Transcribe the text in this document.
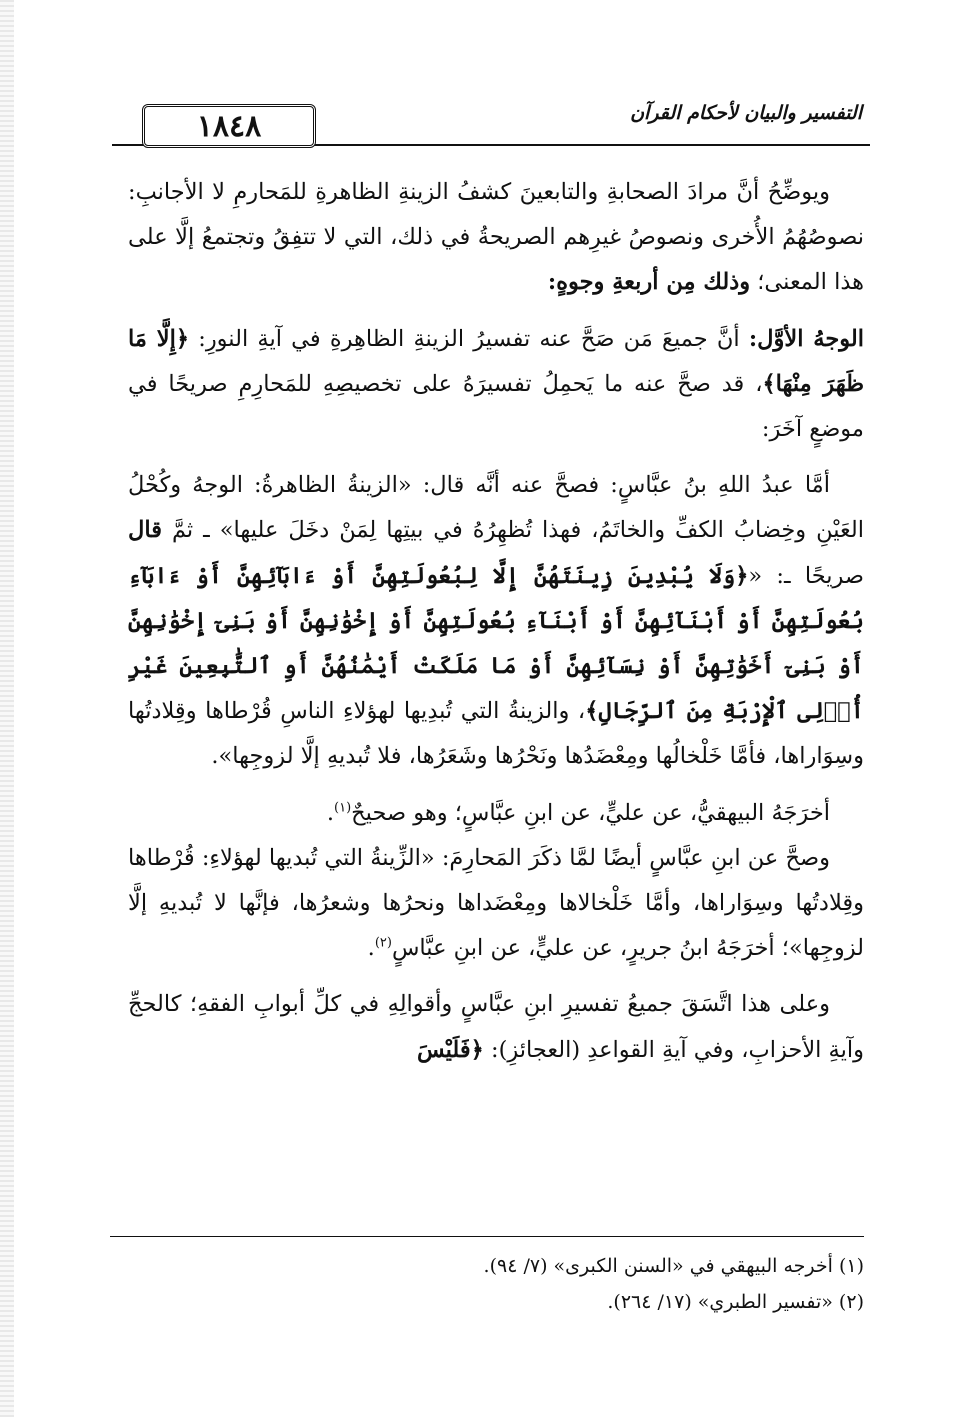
١٨٤٨	التفسير والبيان لأحكام القرآن

ويوضِّحُ أنَّ مرادَ الصحابةِ والتابعينَ كشفُ الزينةِ الظاهرةِ للمَحارمِ لا الأجانبِ: نصوصُهُمُ الأُخرى ونصوصُ غيرِهم الصريحةُ في ذلك، التي لا تتفِقُ وتجتمعُ إلَّا على هذا المعنى؛ وذلك مِن أربعةِ وجوهٍ:

الوجهُ الأوَّل: أنَّ جميعَ مَن صَحَّ عنه تفسيرُ الزينةِ الظاهِرةِ في آيةِ النورِ: ﴿إِلَّا مَا ظَهَرَ مِنْهَا﴾، قد صحَّ عنه ما يَحمِلُ تفسيرَهُ على تخصيصِهِ للمَحارِمِ صريحًا في موضعٍ آخَرَ:

أمَّا عبدُ اللهِ بنُ عبَّاسٍ: فصحَّ عنه أنَّه قال: «الزينةُ الظاهرةُ: الوجهُ وكُحْلُ العَيْنِ وخِضابُ الكفِّ والخاتَمُ، فهذا تُظهِرُهُ في بيتِها لِمَنْ دخَلَ عليها» ـ ثمَّ قال صريحًا ـ: «﴿وَلَا يُبْدِينَ زِينَتَهُنَّ إِلَّا لِبُعُولَتِهِنَّ أَوْ ءَابَآئِهِنَّ أَوْ ءَابَآءِ بُعُولَتِهِنَّ أَوْ أَبْنَآئِهِنَّ أَوْ أَبْنَآءِ بُعُولَتِهِنَّ أَوْ إِخْوَٰنِهِنَّ أَوْ بَنِىٓ إِخْوَٰنِهِنَّ أَوْ بَنِىٓ أَخَوَٰتِهِنَّ أَوْ نِسَآئِهِنَّ أَوْ مَا مَلَكَتْ أَيْمَٰنُهُنَّ أَوِ ٱلتَّٰبِعِينَ غَيْرِ أُو۟لِى ٱلْإِرْبَةِ مِنَ ٱلرِّجَالِ﴾، والزينةُ التي تُبدِيها لهؤلاءِ الناسِ قُرْطاها وقِلادتُها وسِوَاراها، فأمَّا خَلْخالُها ومِعْضَدُها ونَحْرُها وشَعَرُها، فلا تُبديهِ إلَّا لزوجِها».

أخرَجَهُ البيهقيُّ، عن عليٍّ، عن ابنِ عبَّاسٍ؛ وهو صحيحٌ$^{(١)}$.

وصحَّ عن ابنِ عبَّاسٍ أيضًا لمَّا ذكَرَ المَحارِمَ: «الزِّينةُ التي تُبديها لهؤلاءِ: قُرْطاها وقِلادتُها وسِوَاراها، وأمَّا خَلْخالاها ومِعْضَداها ونحرُها وشعرُها، فإنَّها لا تُبديهِ إلَّا لزوجِها»؛ أخرَجَهُ ابنُ جريرٍ، عن عليٍّ، عن ابنِ عبَّاسٍ$^{(٢)}$.

وعلى هذا اتَّسَقَ جميعُ تفسيرِ ابنِ عبَّاسٍ وأقوالِهِ في كلِّ أبوابِ الفقهِ؛ كالحجِّ وآيةِ الأحزابِ، وفي آيةِ القواعدِ (العجائزِ): ﴿فَلَيْسَ

(١) أخرجه البيهقي في «السنن الكبرى» (٧/ ٩٤).

(٢) «تفسير الطبري» (١٧/ ٢٦٤).
